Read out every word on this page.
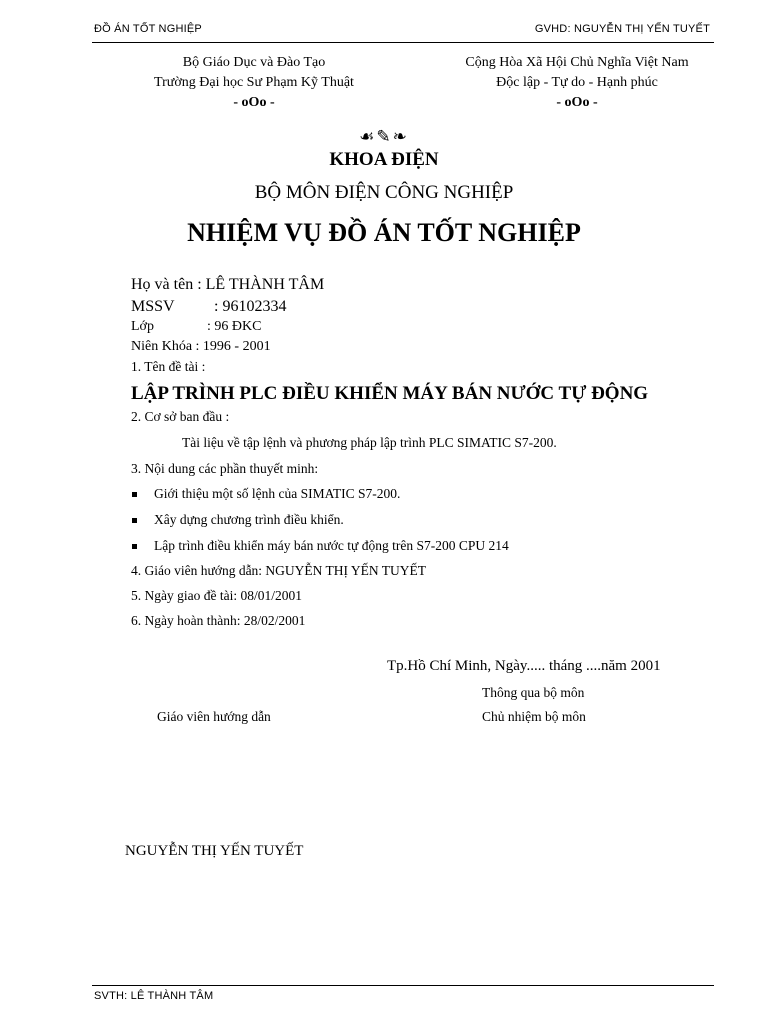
ĐỒ ÁN TỐT NGHIỆP	GVHD: NGUYỄN THỊ YẾN TUYẾT
Bộ Giáo Dục và Đào Tạo
Trường Đại học Sư Phạm Kỹ Thuật
- oOo -
Cộng Hòa Xã Hội Chủ Nghĩa Việt Nam
Độc lập - Tự do - Hạnh phúc
- oOo -
☙✎❧
KHOA ĐIỆN
BỘ MÔN ĐIỆN CÔNG NGHIỆP
NHIỆM VỤ ĐỒ ÁN TỐT NGHIỆP
Họ và tên : LÊ THÀNH TÂM
MSSV : 96102334
Lớp	: 96 ĐKC
Niên Khóa : 1996 - 2001
1. Tên đề tài :
LẬP TRÌNH PLC ĐIỀU KHIỂN MÁY BÁN NƯỚC TỰ ĐỘNG
2. Cơ sở ban đầu :
Tài liệu về tập lệnh và phương pháp lập trình PLC SIMATIC S7-200.
3. Nội dung các phần thuyết minh:
Giới thiệu một số lệnh của SIMATIC S7-200.
Xây dựng chương trình điều khiển.
Lập trình điều khiển máy bán nước tự động trên S7-200 CPU 214
4. Giáo viên hướng dẫn: NGUYỄN THỊ YẾN TUYẾT
5. Ngày giao đề tài: 08/01/2001
6. Ngày hoàn thành: 28/02/2001
Tp.Hồ Chí Minh, Ngày..... tháng ....năm 2001
Thông qua bộ môn
Giáo viên hướng dẫn	Chủ nhiệm bộ môn
NGUYỄN THỊ YẾN TUYẾT
SVTH: LÊ THÀNH TÂM
